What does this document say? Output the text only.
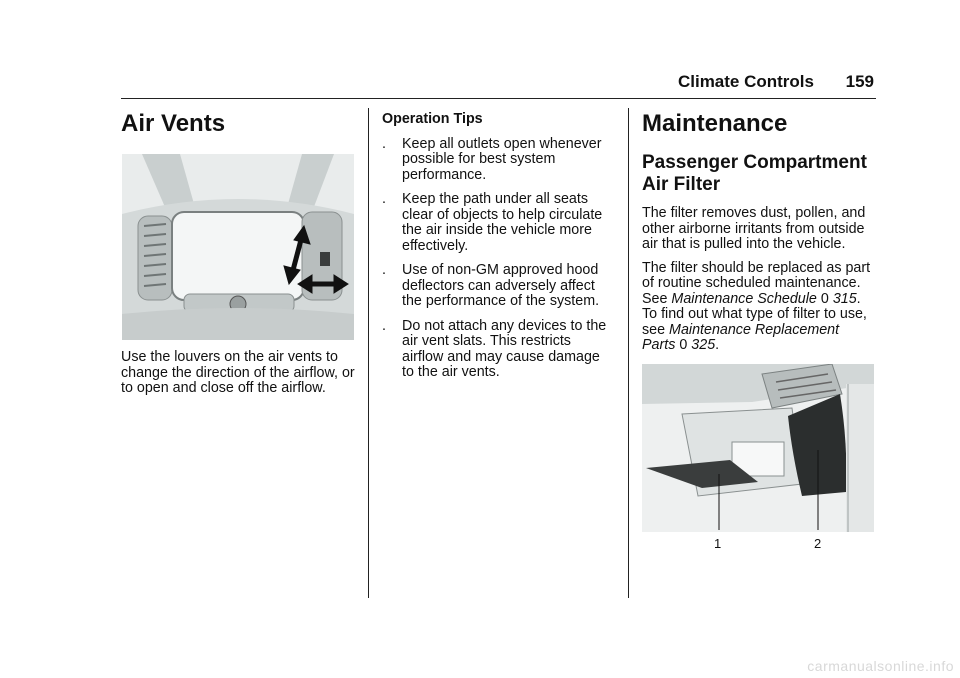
Climate Controls 159
Air Vents

Use the louvers on the air vents to change the direction of the airflow, or to open and close off the airflow.

Operation Tips

. Keep all outlets open whenever possible for best system performance.
. Keep the path under all seats clear of objects to help circulate the air inside the vehicle more effectively.
. Use of non-GM approved hood deflectors can adversely affect the performance of the system.
. Do not attach any devices to the air vent slats. This restricts airflow and may cause damage to the air vents.
Maintenance
Passenger Compartment
Air Filter

The filter removes dust, pollen, and other airborne irritants from outside air that is pulled into the vehicle.

The filter should be replaced as part of routine scheduled maintenance. See Maintenance Schedule 0 315. To find out what type of filter to use, see Maintenance Replacement Parts 0 325.

1	2
carmanualsonline.info
